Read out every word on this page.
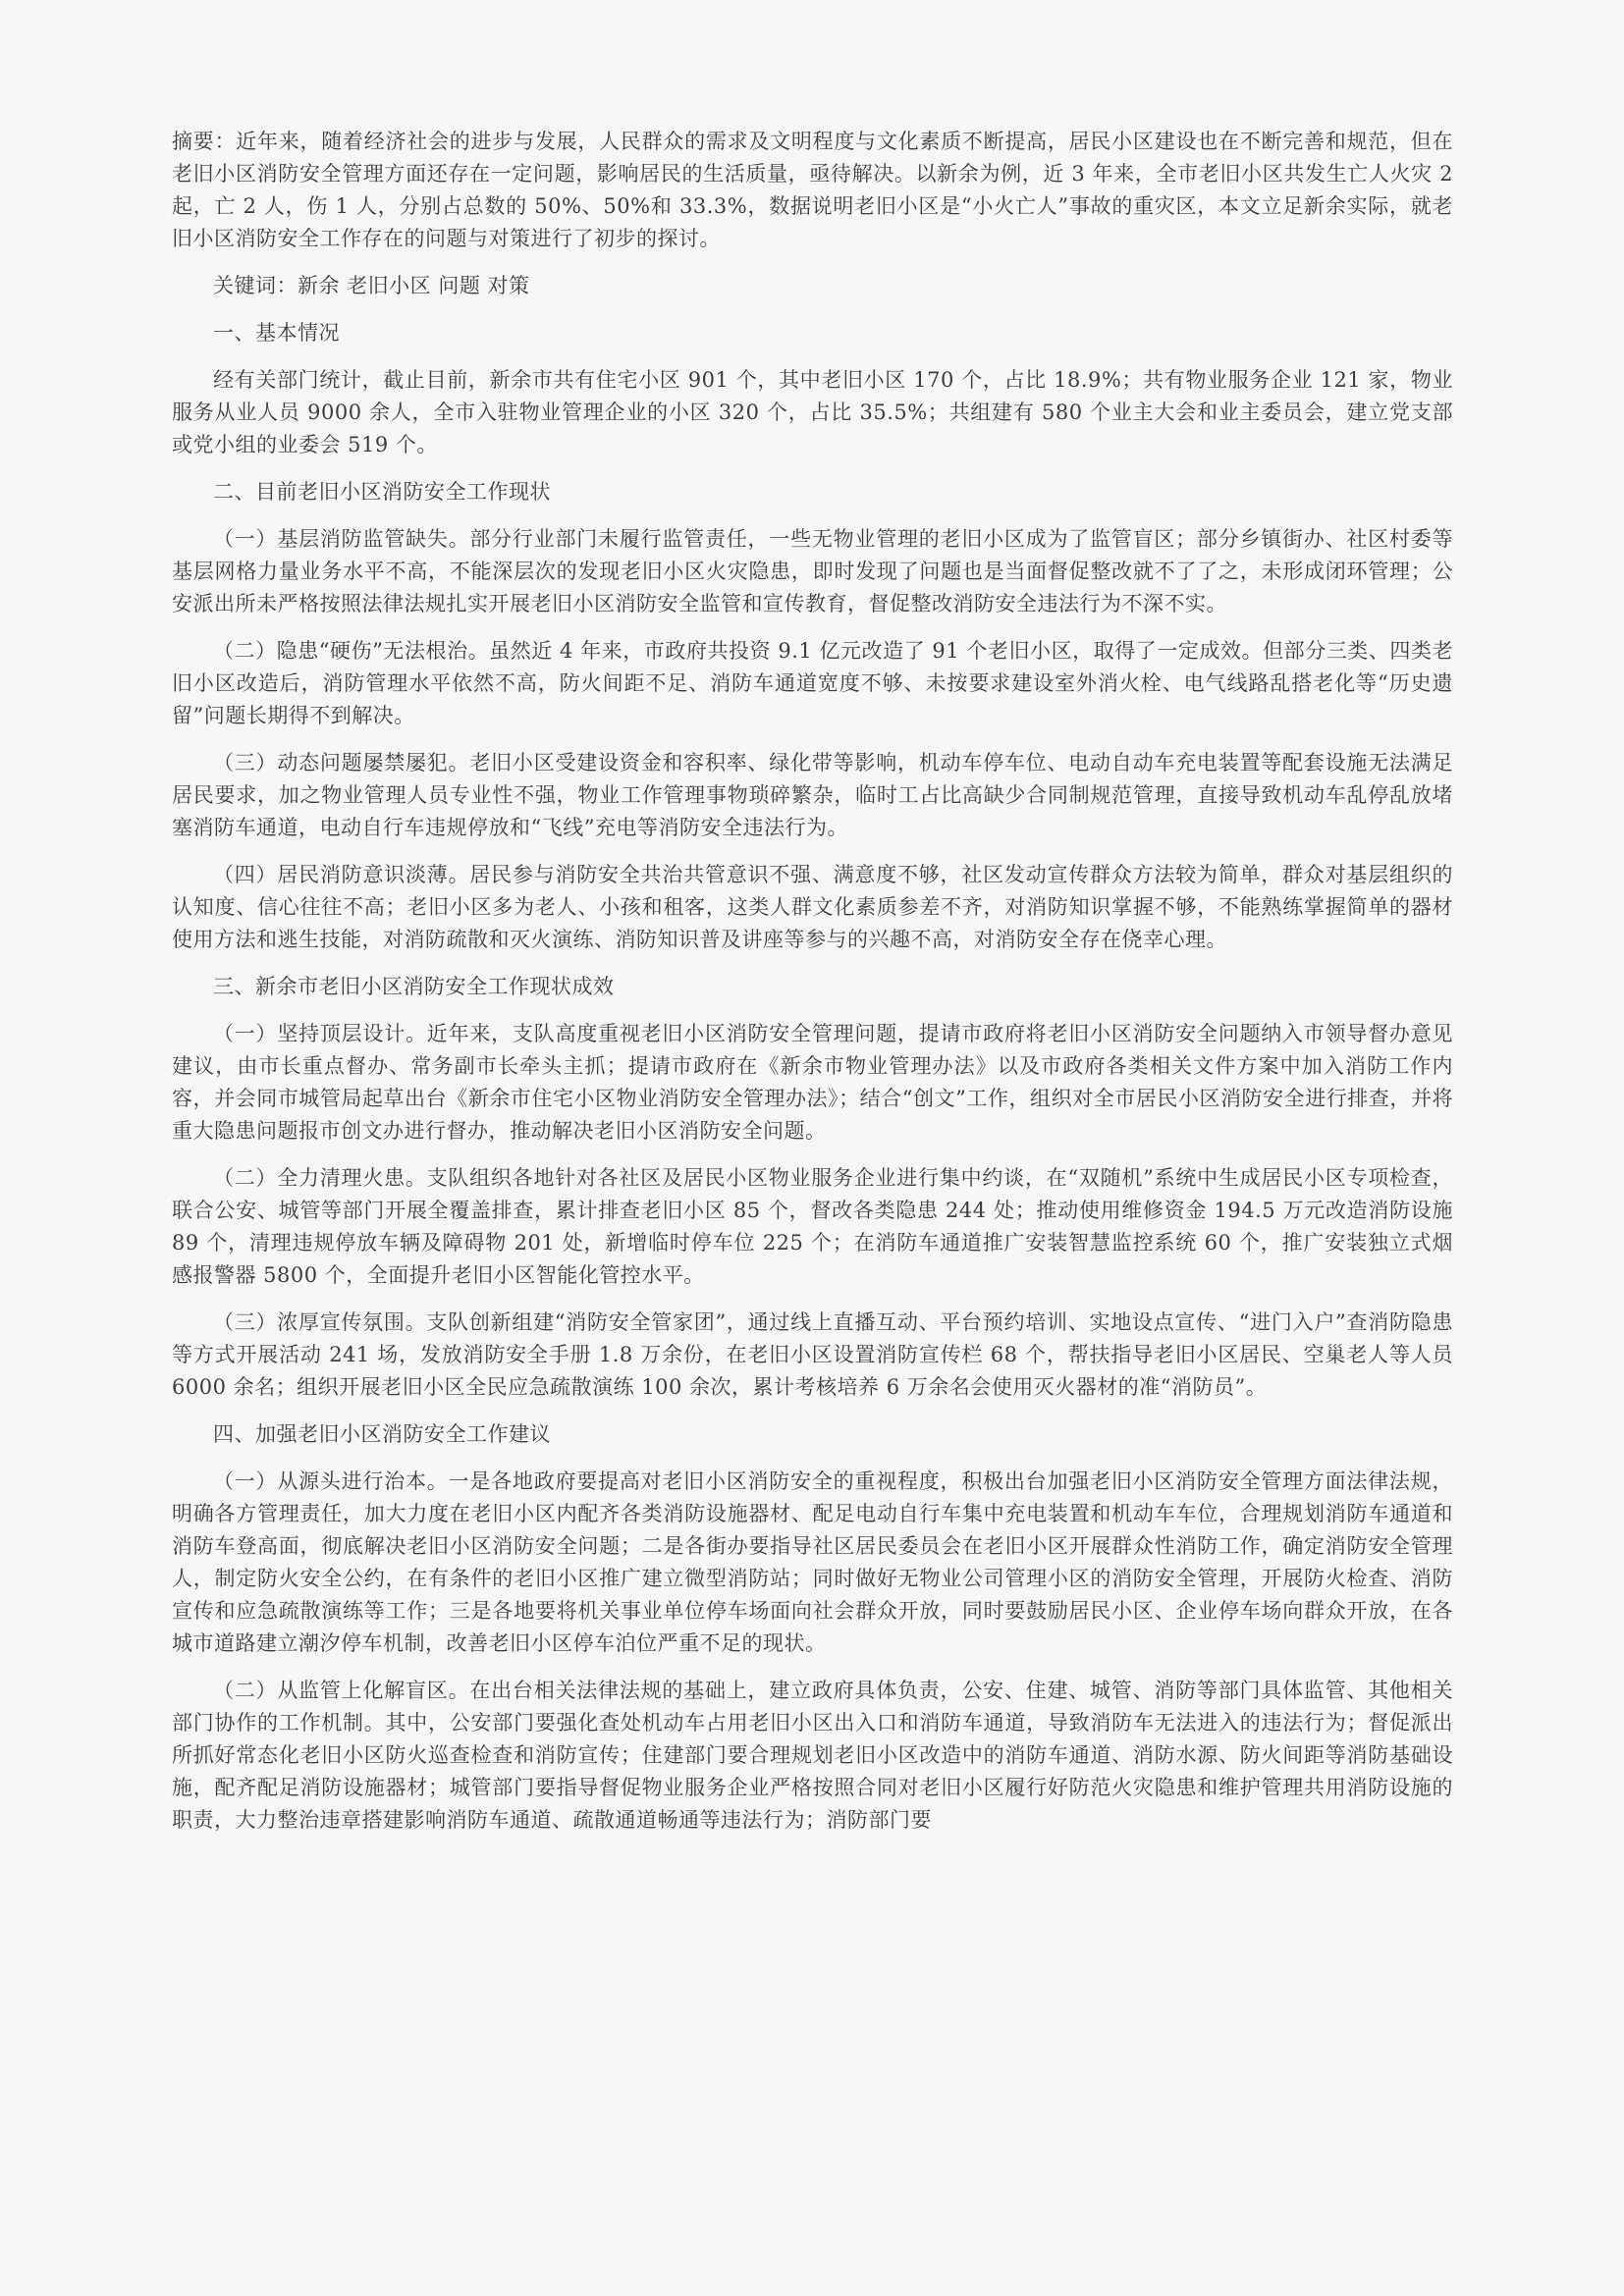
摘要：近年来，随着经济社会的进步与发展，人民群众的需求及文明程度与文化素质不断提高，居民小区建设也在不断完善和规范，但在老旧小区消防安全管理方面还存在一定问题，影响居民的生活质量，亟待解决。以新余为例，近 3 年来，全市老旧小区共发生亡人火灾 2 起，亡 2 人，伤 1 人，分别占总数的 50%、50%和 33.3%，数据说明老旧小区是“小火亡人”事故的重灾区，本文立足新余实际，就老旧小区消防安全工作存在的问题与对策进行了初步的探讨。

关键词：新余 老旧小区 问题 对策

一、基本情况

经有关部门统计，截止目前，新余市共有住宅小区 901 个，其中老旧小区 170 个，占比 18.9%；共有物业服务企业 121 家，物业服务从业人员 9000 余人，全市入驻物业管理企业的小区 320 个，占比 35.5%；共组建有 580 个业主大会和业主委员会，建立党支部或党小组的业委会 519 个。

二、目前老旧小区消防安全工作现状

（一）基层消防监管缺失。部分行业部门未履行监管责任，一些无物业管理的老旧小区成为了监管盲区；部分乡镇街办、社区村委等基层网格力量业务水平不高，不能深层次的发现老旧小区火灾隐患，即时发现了问题也是当面督促整改就不了了之，未形成闭环管理；公安派出所未严格按照法律法规扎实开展老旧小区消防安全监管和宣传教育，督促整改消防安全违法行为不深不实。

（二）隐患“硬伤”无法根治。虽然近 4 年来，市政府共投资 9.1 亿元改造了 91 个老旧小区，取得了一定成效。但部分三类、四类老旧小区改造后，消防管理水平依然不高，防火间距不足、消防车通道宽度不够、未按要求建设室外消火栓、电气线路乱搭老化等“历史遗留”问题长期得不到解决。

（三）动态问题屡禁屡犯。老旧小区受建设资金和容积率、绿化带等影响，机动车停车位、电动自动车充电装置等配套设施无法满足居民要求，加之物业管理人员专业性不强，物业工作管理事物琐碎繁杂，临时工占比高缺少合同制规范管理，直接导致机动车乱停乱放堵塞消防车通道，电动自行车违规停放和“飞线”充电等消防安全违法行为。

（四）居民消防意识淡薄。居民参与消防安全共治共管意识不强、满意度不够，社区发动宣传群众方法较为简单，群众对基层组织的认知度、信心往往不高；老旧小区多为老人、小孩和租客，这类人群文化素质参差不齐，对消防知识掌握不够，不能熟练掌握简单的器材使用方法和逃生技能，对消防疏散和灭火演练、消防知识普及讲座等参与的兴趣不高，对消防安全存在侥幸心理。

三、新余市老旧小区消防安全工作现状成效

（一）坚持顶层设计。近年来，支队高度重视老旧小区消防安全管理问题，提请市政府将老旧小区消防安全问题纳入市领导督办意见建议，由市长重点督办、常务副市长牵头主抓；提请市政府在《新余市物业管理办法》以及市政府各类相关文件方案中加入消防工作内容，并会同市城管局起草出台《新余市住宅小区物业消防安全管理办法》；结合“创文”工作，组织对全市居民小区消防安全进行排查，并将重大隐患问题报市创文办进行督办，推动解决老旧小区消防安全问题。

（二）全力清理火患。支队组织各地针对各社区及居民小区物业服务企业进行集中约谈，在“双随机”系统中生成居民小区专项检查，联合公安、城管等部门开展全覆盖排查，累计排查老旧小区 85 个，督改各类隐患 244 处；推动使用维修资金 194.5 万元改造消防设施 89 个，清理违规停放车辆及障碍物 201 处，新增临时停车位 225 个；在消防车通道推广安装智慧监控系统 60 个，推广安装独立式烟感报警器 5800 个，全面提升老旧小区智能化管控水平。

（三）浓厚宣传氛围。支队创新组建“消防安全管家团”，通过线上直播互动、平台预约培训、实地设点宣传、“进门入户”查消防隐患等方式开展活动 241 场，发放消防安全手册 1.8 万余份，在老旧小区设置消防宣传栏 68 个，帮扶指导老旧小区居民、空巢老人等人员 6000 余名；组织开展老旧小区全民应急疏散演练 100 余次，累计考核培养 6 万余名会使用灭火器材的准“消防员”。

四、加强老旧小区消防安全工作建议

（一）从源头进行治本。一是各地政府要提高对老旧小区消防安全的重视程度，积极出台加强老旧小区消防安全管理方面法律法规，明确各方管理责任，加大力度在老旧小区内配齐各类消防设施器材、配足电动自行车集中充电装置和机动车车位，合理规划消防车通道和消防车登高面，彻底解决老旧小区消防安全问题；二是各街办要指导社区居民委员会在老旧小区开展群众性消防工作，确定消防安全管理人，制定防火安全公约，在有条件的老旧小区推广建立微型消防站；同时做好无物业公司管理小区的消防安全管理，开展防火检查、消防宣传和应急疏散演练等工作；三是各地要将机关事业单位停车场面向社会群众开放，同时要鼓励居民小区、企业停车场向群众开放，在各城市道路建立潮汐停车机制，改善老旧小区停车泊位严重不足的现状。

（二）从监管上化解盲区。在出台相关法律法规的基础上，建立政府具体负责，公安、住建、城管、消防等部门具体监管、其他相关部门协作的工作机制。其中，公安部门要强化查处机动车占用老旧小区出入口和消防车通道，导致消防车无法进入的违法行为；督促派出所抓好常态化老旧小区防火巡查检查和消防宣传；住建部门要合理规划老旧小区改造中的消防车通道、消防水源、防火间距等消防基础设施，配齐配足消防设施器材；城管部门要指导督促物业服务企业严格按照合同对老旧小区履行好防范火灾隐患和维护管理共用消防设施的职责，大力整治违章搭建影响消防车通道、疏散通道畅通等违法行为；消防部门要
